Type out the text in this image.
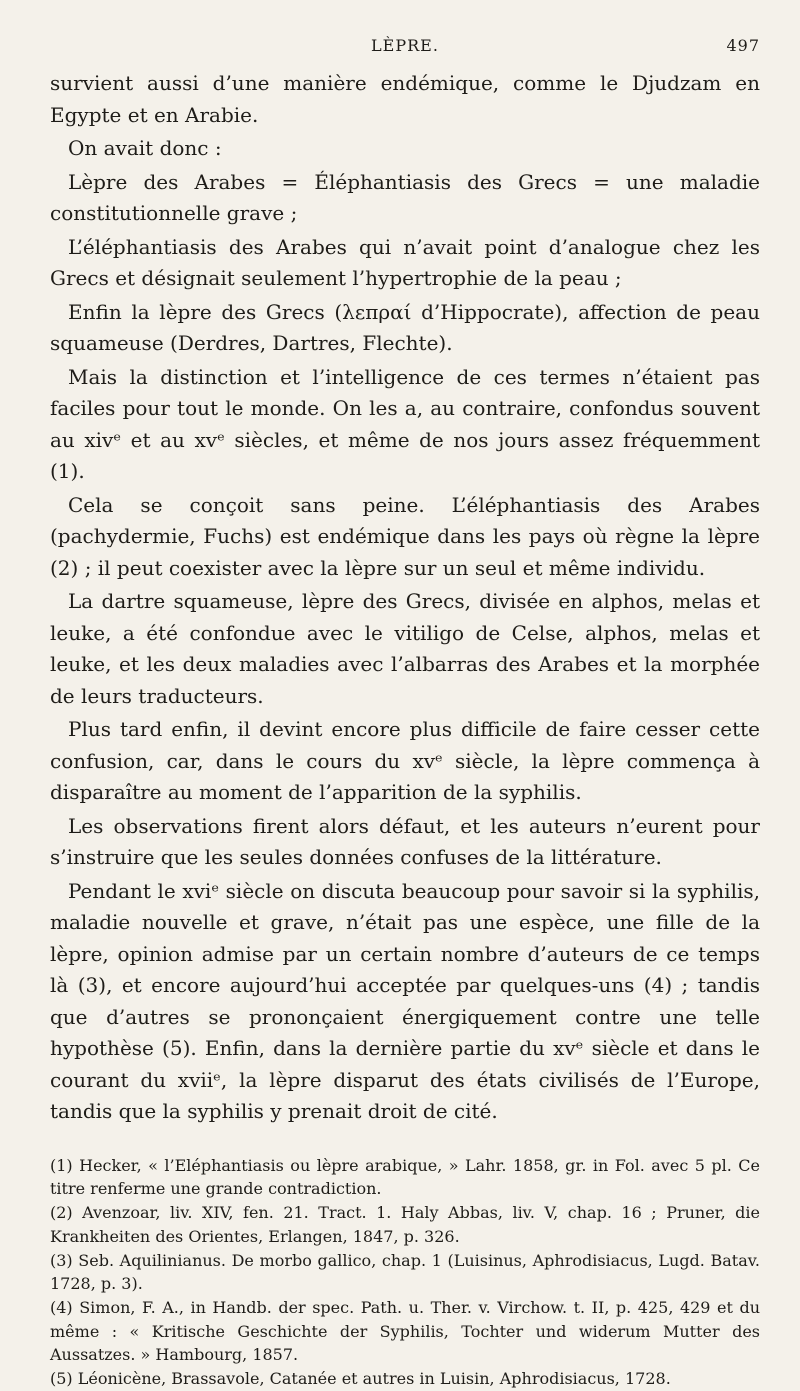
LÈPRE.	497

survient aussi d’une manière endémique, comme le Djudzam en Egypte et en Arabie.

On avait donc :

Lèpre des Arabes = Éléphantiasis des Grecs = une maladie constitutionnelle grave ;

L’éléphantiasis des Arabes qui n’avait point d’analogue chez les Grecs et désignait seulement l’hypertrophie de la peau ;

Enfin la lèpre des Grecs (λεπραί d’Hippocrate), affection de peau squameuse (Derdres, Dartres, Flechte).

Mais la distinction et l’intelligence de ces termes n’étaient pas faciles pour tout le monde. On les a, au contraire, confondus souvent au xivᵉ et au xvᵉ siècles, et même de nos jours assez fréquemment (1).

Cela se conçoit sans peine. L’éléphantiasis des Arabes (pachydermie, Fuchs) est endémique dans les pays où règne la lèpre (2) ; il peut coexister avec la lèpre sur un seul et même individu.

La dartre squameuse, lèpre des Grecs, divisée en alphos, melas et leuke, a été confondue avec le vitiligo de Celse, alphos, melas et leuke, et les deux maladies avec l’albarras des Arabes et la morphée de leurs traducteurs.

Plus tard enfin, il devint encore plus difficile de faire cesser cette confusion, car, dans le cours du xvᵉ siècle, la lèpre commença à disparaître au moment de l’apparition de la syphilis.

Les observations firent alors défaut, et les auteurs n’eurent pour s’instruire que les seules données confuses de la littérature.

Pendant le xviᵉ siècle on discuta beaucoup pour savoir si la syphilis, maladie nouvelle et grave, n’était pas une espèce, une fille de la lèpre, opinion admise par un certain nombre d’auteurs de ce temps là (3), et encore aujourd’hui acceptée par quelques-uns (4) ; tandis que d’autres se prononçaient énergiquement contre une telle hypothèse (5). Enfin, dans la dernière partie du xvᵉ siècle et dans le courant du xviiᵉ, la lèpre disparut des états civilisés de l’Europe, tandis que la syphilis y prenait droit de cité.

(1) Hecker, « l’Eléphantiasis ou lèpre arabique, » Lahr. 1858, gr. in Fol. avec 5 pl. Ce titre renferme une grande contradiction.

(2) Avenzoar, liv. XIV, fen. 21. Tract. 1. Haly Abbas, liv. V, chap. 16 ; Pruner, die Krankheiten des Orientes, Erlangen, 1847, p. 326.

(3) Seb. Aquilinianus. De morbo gallico, chap. 1 (Luisinus, Aphrodisiacus, Lugd. Batav. 1728, p. 3).

(4) Simon, F. A., in Handb. der spec. Path. u. Ther. v. Virchow. t. II, p. 425, 429 et du même : « Kritische Geschichte der Syphilis, Tochter und widerum Mutter des Aussatzes. » Hambourg, 1857.

(5) Léonicène, Brassavole, Catanée et autres in Luisin, Aphrodisiacus, 1728.
